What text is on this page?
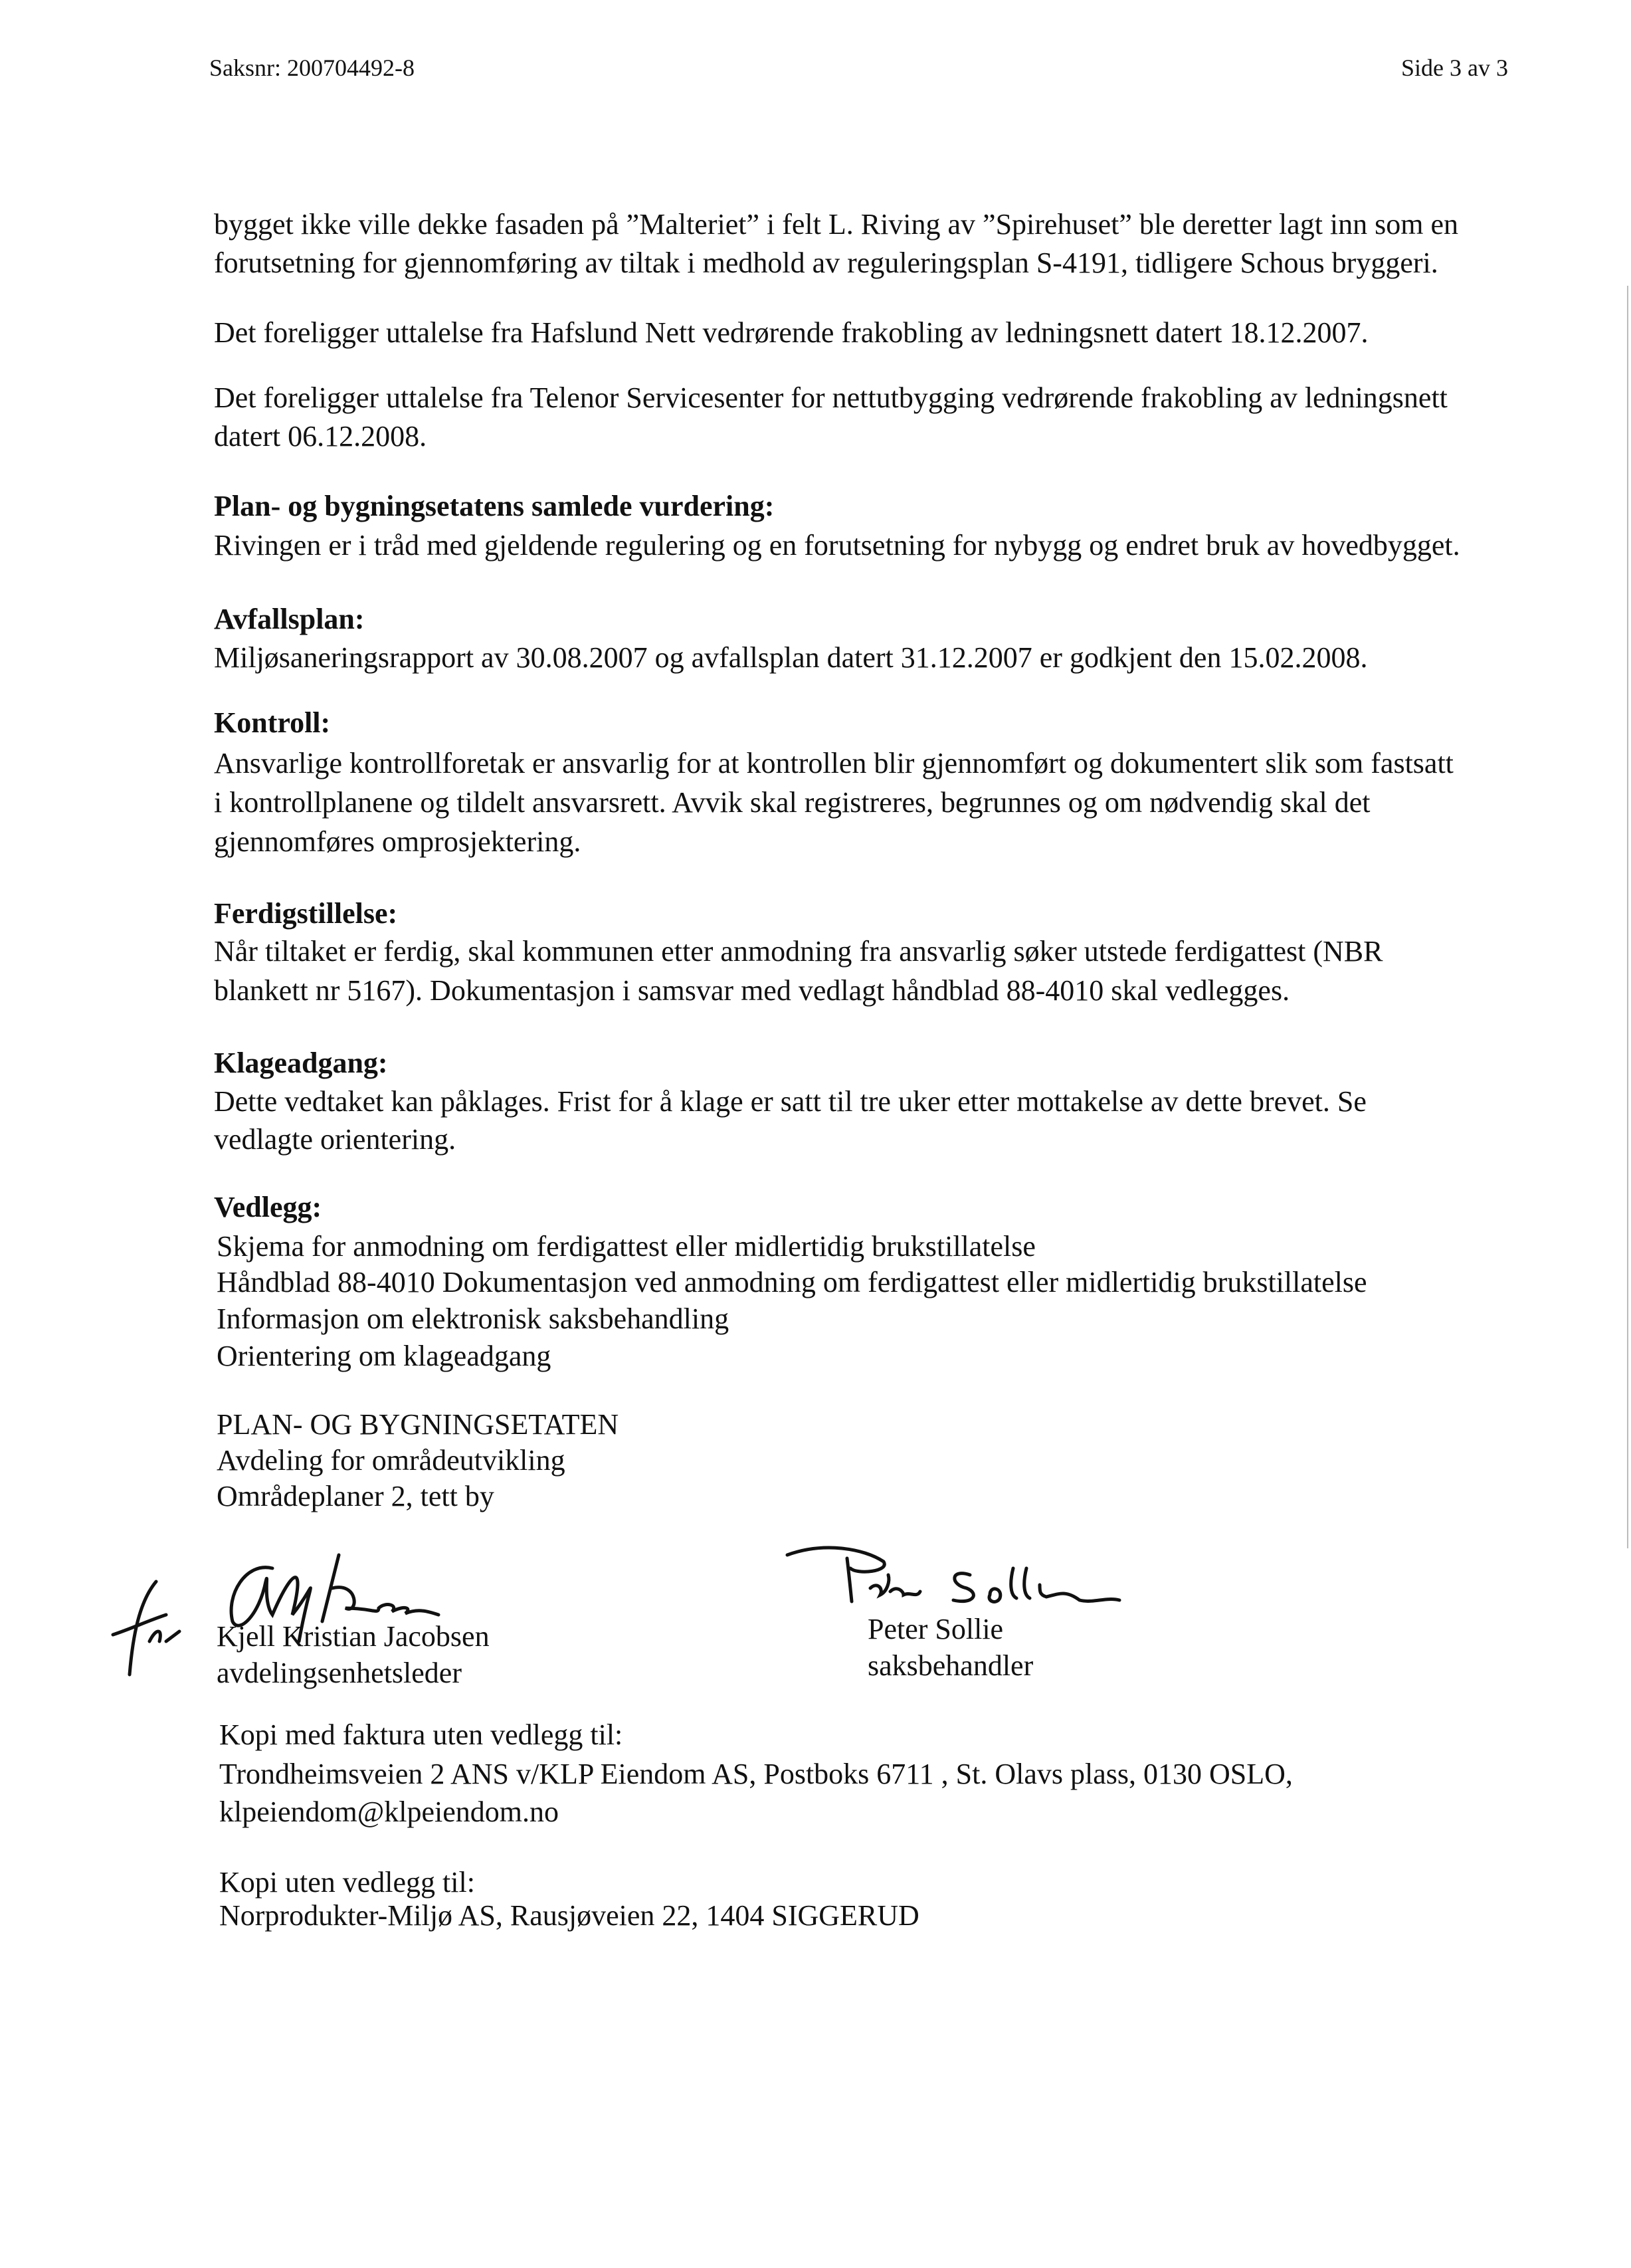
Saksnr: 200704492-8	Side 3 av 3
bygget ikke ville dekke fasaden på ”Malteriet” i felt L. Riving av ”Spirehuset” ble deretter lagt inn som en
forutsetning for gjennomføring av tiltak i medhold av reguleringsplan S-4191, tidligere Schous bryggeri.
Det foreligger uttalelse fra Hafslund Nett vedrørende frakobling av ledningsnett datert 18.12.2007.
Det foreligger uttalelse fra Telenor Servicesenter for nettutbygging vedrørende frakobling av ledningsnett
datert 06.12.2008.
Plan- og bygningsetatens samlede vurdering:
Rivingen er i tråd med gjeldende regulering og en forutsetning for nybygg og endret bruk av hovedbygget.
Avfallsplan:
Miljøsaneringsrapport av 30.08.2007 og avfallsplan datert 31.12.2007 er godkjent den 15.02.2008.
Kontroll:
Ansvarlige kontrollforetak er ansvarlig for at kontrollen blir gjennomført og dokumentert slik som fastsatt
i kontrollplanene og tildelt ansvarsrett. Avvik skal registreres, begrunnes og om nødvendig skal det
gjennomføres omprosjektering.
Ferdigstillelse:
Når tiltaket er ferdig, skal kommunen etter anmodning fra ansvarlig søker utstede ferdigattest (NBR
blankett nr 5167). Dokumentasjon i samsvar med vedlagt håndblad 88-4010 skal vedlegges.
Klageadgang:
Dette vedtaket kan påklages. Frist for å klage er satt til tre uker etter mottakelse av dette brevet. Se
vedlagte orientering.
Vedlegg:
Skjema for anmodning om ferdigattest eller midlertidig brukstillatelse
Håndblad 88-4010 Dokumentasjon ved anmodning om ferdigattest eller midlertidig brukstillatelse
Informasjon om elektronisk saksbehandling
Orientering om klageadgang
PLAN- OG BYGNINGSETATEN
Avdeling for områdeutvikling
Områdeplaner 2, tett by
Kjell Kristian Jacobsen
avdelingsenhetsleder
Peter Sollie
saksbehandler
Kopi med faktura uten vedlegg til:
Trondheimsveien 2 ANS v/KLP Eiendom AS, Postboks 6711 , St. Olavs plass, 0130 OSLO,
klpeiendom@klpeiendom.no
Kopi uten vedlegg til:
Norprodukter-Miljø AS, Rausjøveien 22, 1404 SIGGERUD
